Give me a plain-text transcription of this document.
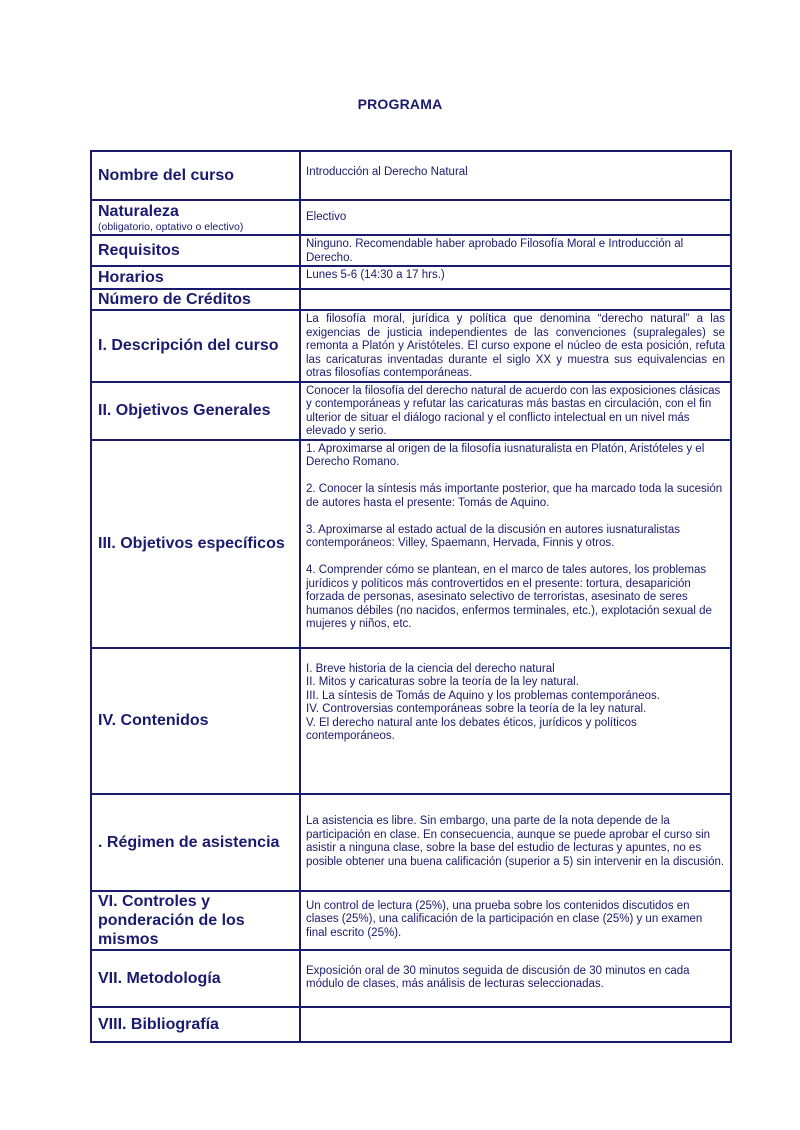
PROGRAMA
Nombre del curso	Introducción al Derecho Natural
Naturaleza
(obligatorio, optativo o electivo)	Electivo
Requisitos	Ninguno. Recomendable haber aprobado Filosofía Moral e Introducción al Derecho.
Horarios	Lunes 5-6 (14:30 a 17 hrs.)
Número de Créditos	
I. Descripción del curso	La filosofía moral, jurídica y política que denomina “derecho natural” a las exigencias de justicia independientes de las convenciones (supralegales) se remonta a Platón y Aristóteles. El curso expone el núcleo de esta posición, refuta las caricaturas inventadas durante el siglo XX y muestra sus equivalencias en otras filosofías contemporáneas.
II. Objetivos Generales	Conocer la filosofía del derecho natural de acuerdo con las exposiciones clásicas y contemporáneas y refutar las caricaturas más bastas en circulación, con el fin ulterior de situar el diálogo racional y el conflicto intelectual en un nivel más elevado y serio.
III. Objetivos específicos	1. Aproximarse al origen de la filosofía iusnaturalista en Platón, Aristóteles y el Derecho Romano.
2. Conocer la síntesis más importante posterior, que ha marcado toda la sucesión de autores hasta el presente: Tomás de Aquino.
3. Aproximarse al estado actual de la discusión en autores iusnaturalistas contemporáneos: Villey, Spaemann, Hervada, Finnis y otros.
4. Comprender cómo se plantean, en el marco de tales autores, los problemas jurídicos y políticos más controvertidos en el presente: tortura, desaparición forzada de personas, asesinato selectivo de terroristas, asesinato de seres humanos débiles (no nacidos, enfermos terminales, etc.), explotación sexual de mujeres y niños, etc.

IV. Contenidos	I. Breve historia de la ciencia del derecho natural
II. Mitos y caricaturas sobre la teoría de la ley natural.
III. La síntesis de Tomás de Aquino y los problemas contemporáneos.
IV. Controversias contemporáneas sobre la teoría de la ley natural.
V. El derecho natural ante los debates éticos, jurídicos y políticos contemporáneos.

. Régimen de asistencia	La asistencia es libre. Sin embargo, una parte de la nota depende de la participación en clase. En consecuencia, aunque se puede aprobar el curso sin asistir a ninguna clase, sobre la base del estudio de lecturas y apuntes, no es posible obtener una buena calificación (superior a 5) sin intervenir en la discusión.
VI. Controles y ponderación de los mismos	Un control de lectura (25%), una prueba sobre los contenidos discutidos en clases (25%), una calificación de la participación en clase (25%) y un examen final escrito (25%).
VII. Metodología	Exposición oral de 30 minutos seguida de discusión de 30 minutos en cada módulo de clases, más análisis de lecturas seleccionadas.
VIII. Bibliografía	
